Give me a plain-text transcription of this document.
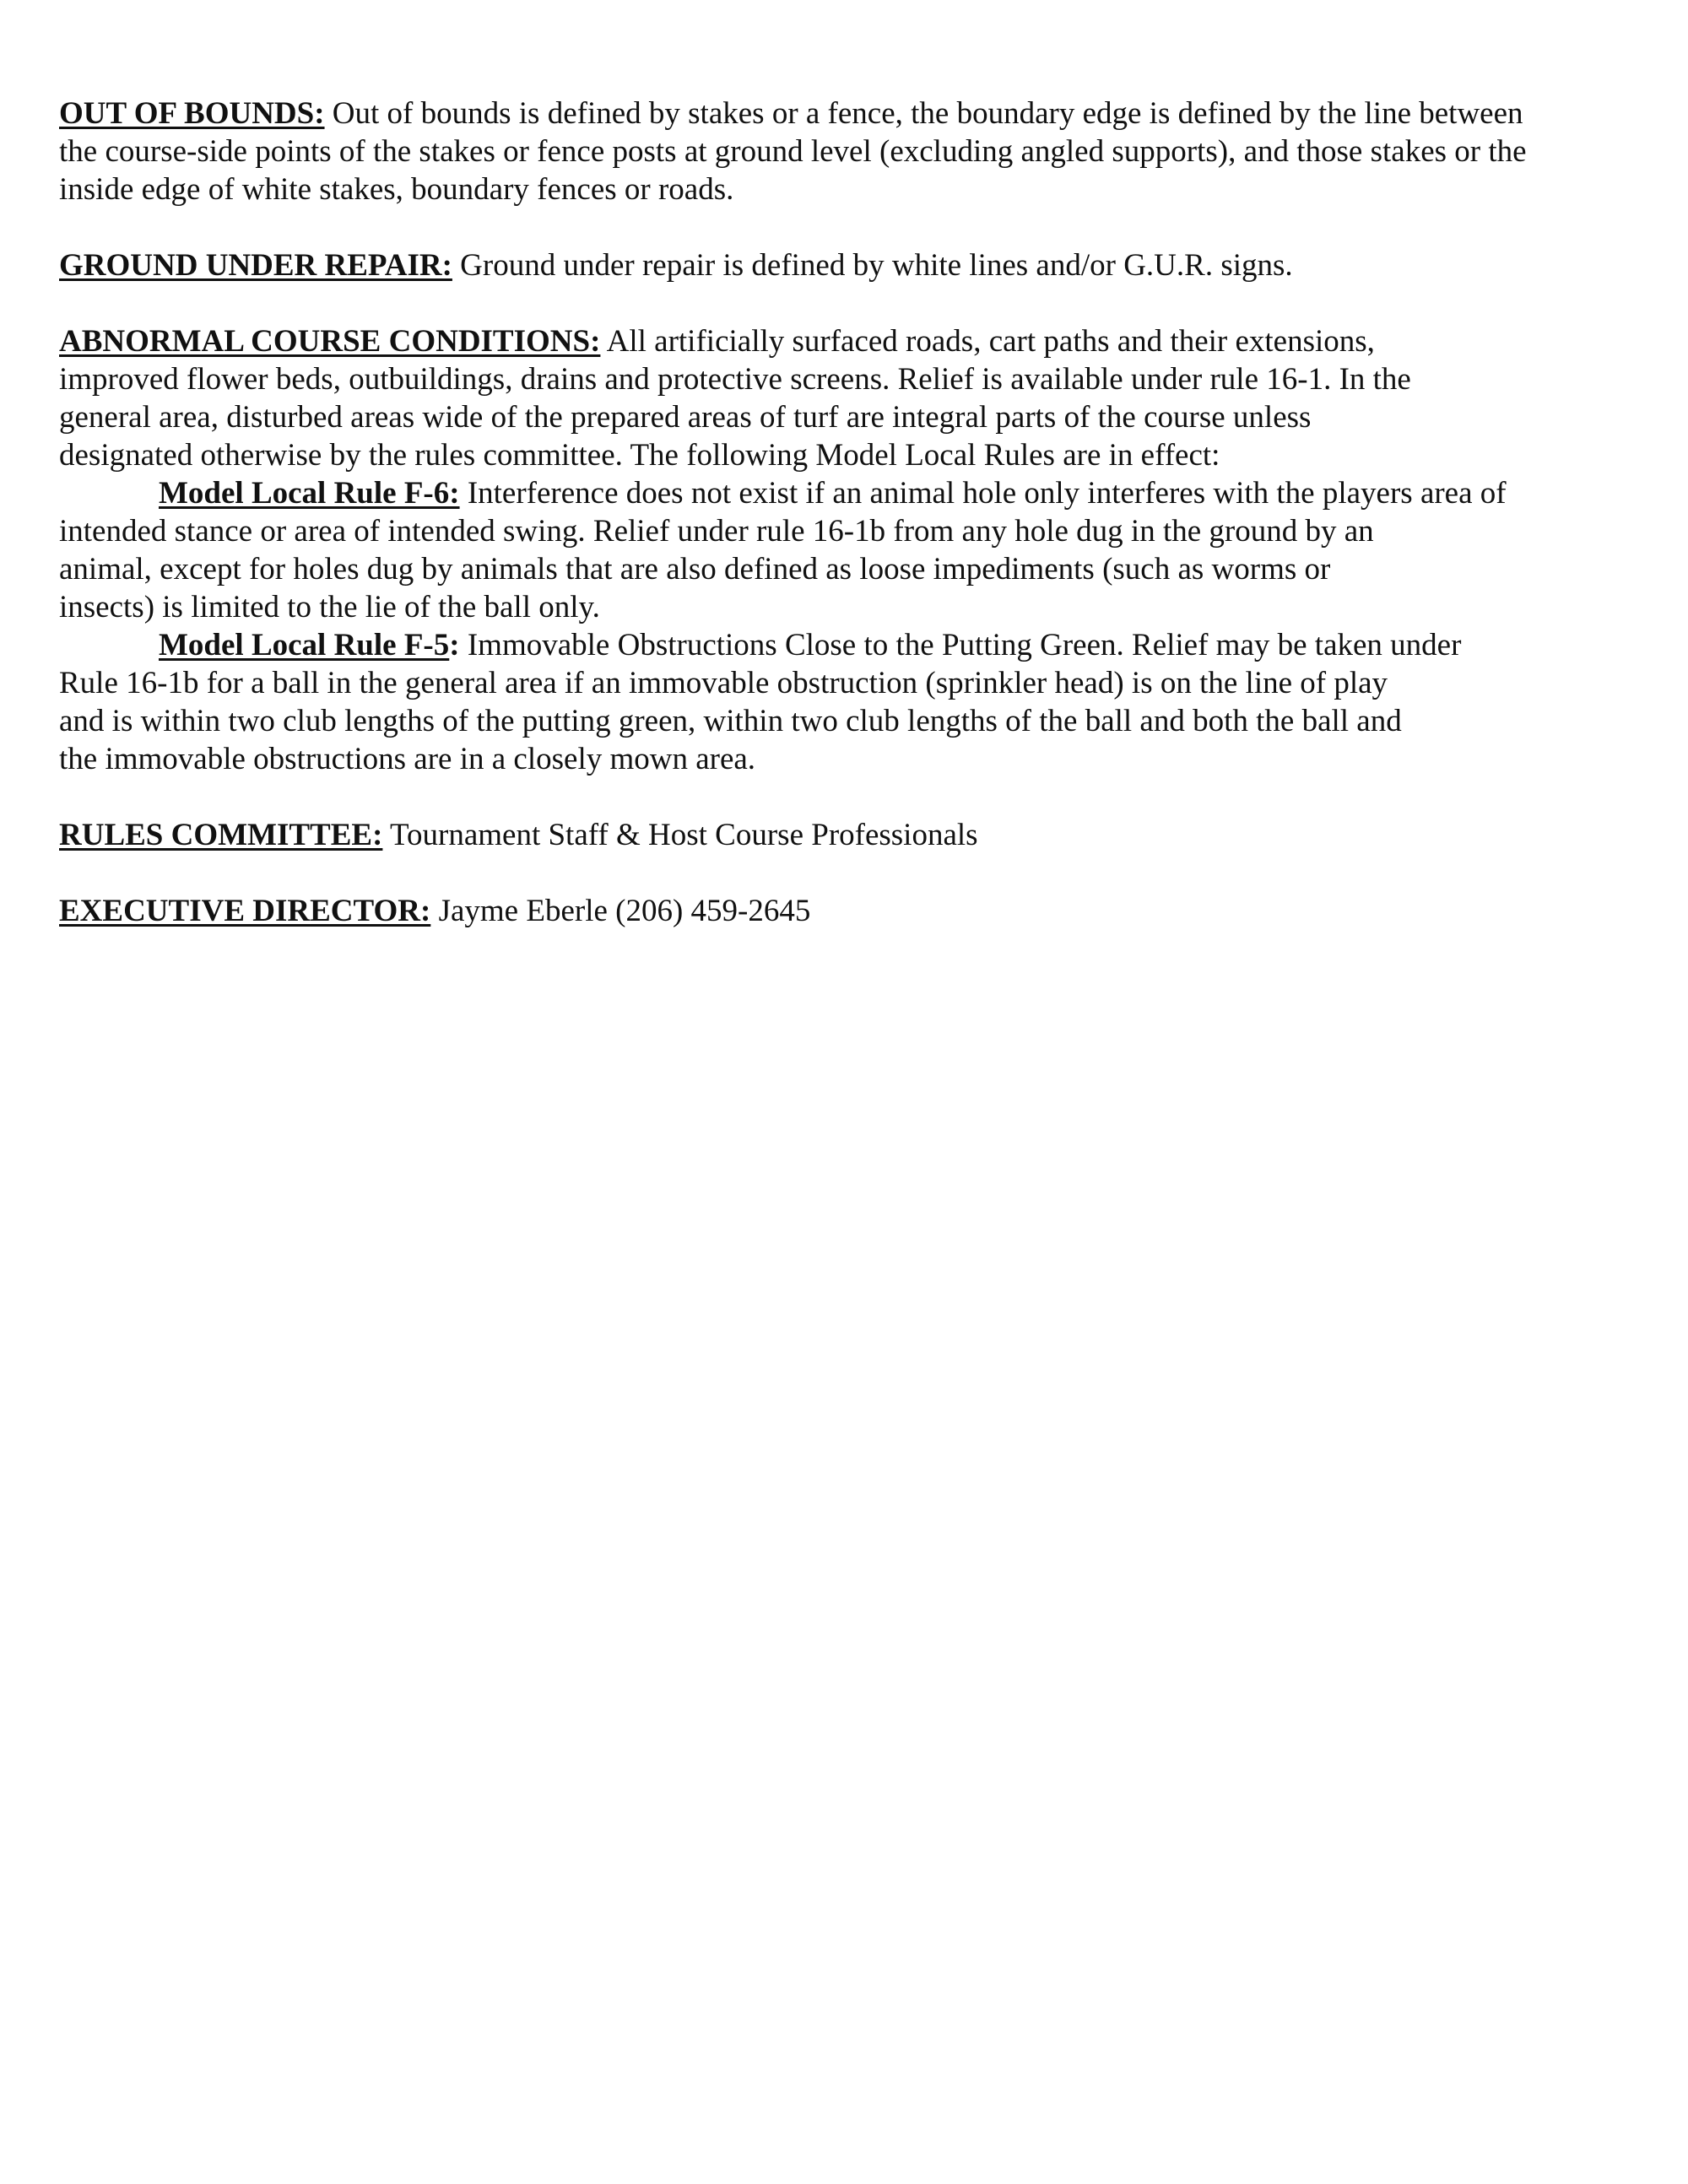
OUT OF BOUNDS: Out of bounds is defined by stakes or a fence, the boundary edge is defined by the line between
the course-side points of the stakes or fence posts at ground level (excluding angled supports), and those stakes or the
inside edge of white stakes, boundary fences or roads.
GROUND UNDER REPAIR: Ground under repair is defined by white lines and/or G.U.R. signs.
ABNORMAL COURSE CONDITIONS: All artificially surfaced roads, cart paths and their extensions,
improved flower beds, outbuildings, drains and protective screens. Relief is available under rule 16-1. In the
general area, disturbed areas wide of the prepared areas of turf are integral parts of the course unless
designated otherwise by the rules committee. The following Model Local Rules are in effect:

Model Local Rule F-6: Interference does not exist if an animal hole only interferes with the players area of
intended stance or area of intended swing. Relief under rule 16-1b from any hole dug in the ground by an
animal, except for holes dug by animals that are also defined as loose impediments (such as worms or
insects) is limited to the lie of the ball only.
Model Local Rule F-5: Immovable Obstructions Close to the Putting Green. Relief may be taken under
Rule 16-1b for a ball in the general area if an immovable obstruction (sprinkler head) is on the line of play
and is within two club lengths of the putting green, within two club lengths of the ball and both the ball and
the immovable obstructions are in a closely mown area.
RULES COMMITTEE: Tournament Staff & Host Course Professionals
EXECUTIVE DIRECTOR: Jayme Eberle (206) 459-2645
